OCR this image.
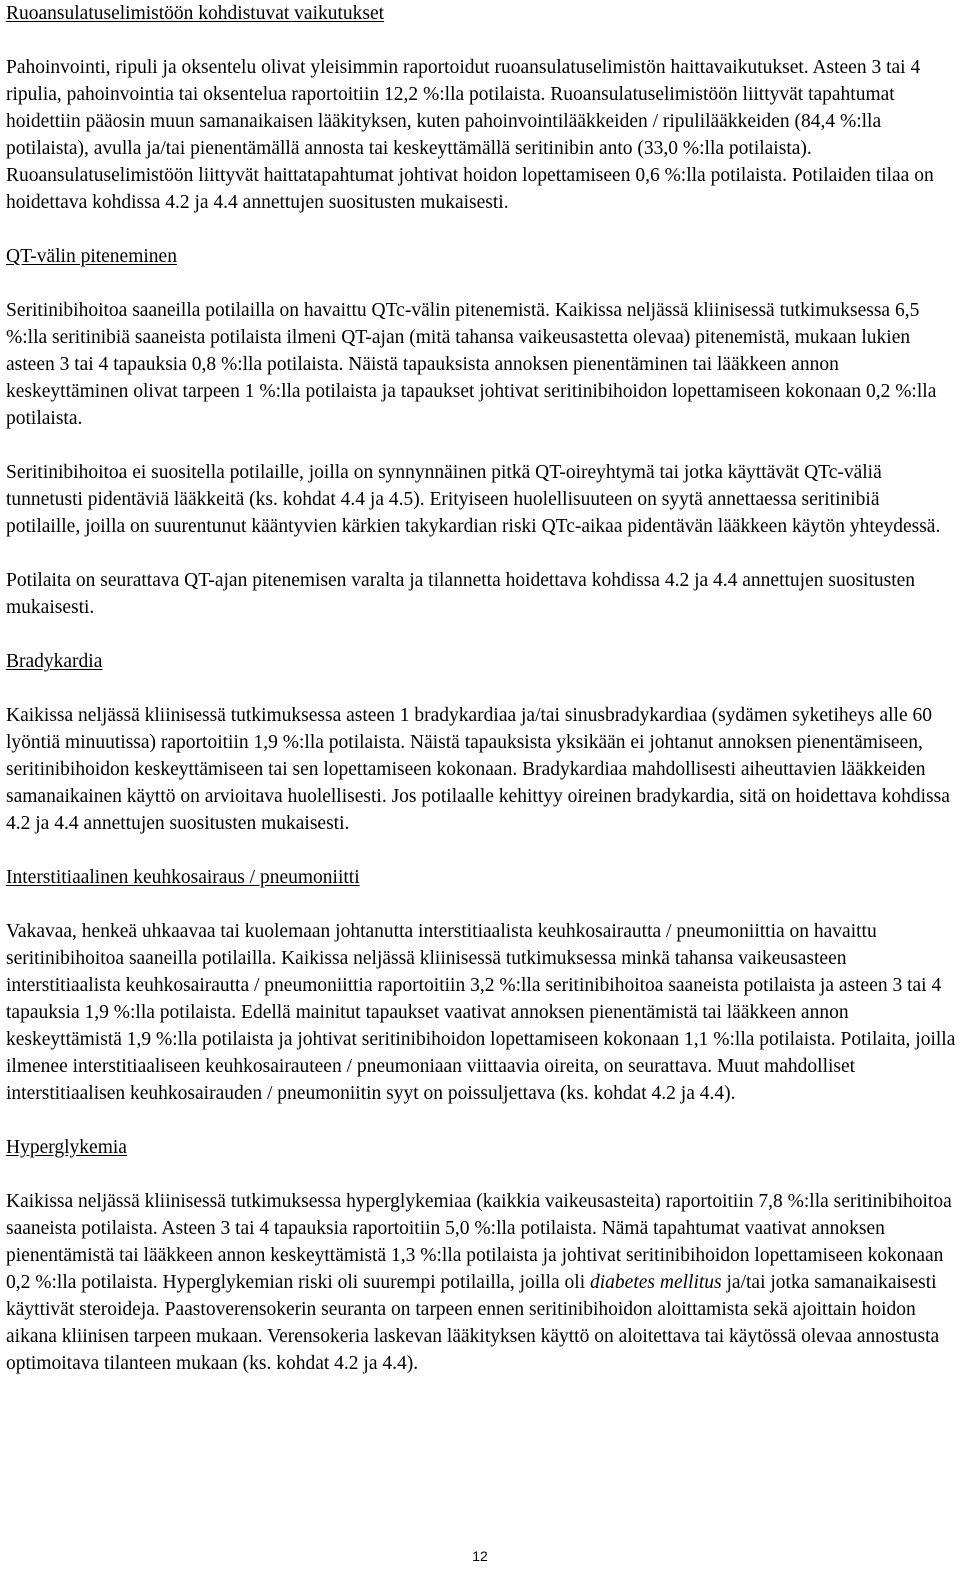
Ruoansulatuselimistöön kohdistuvat vaikutukset

Pahoinvointi, ripuli ja oksentelu olivat yleisimmin raportoidut ruoansulatuselimistön haittavaikutukset. Asteen 3 tai 4 ripulia, pahoinvointia tai oksentelua raportoitiin 12,2 %:lla potilaista. Ruoansulatuselimistöön liittyvät tapahtumat hoidettiin pääosin muun samanaikaisen lääkityksen, kuten pahoinvointilääkkeiden / ripulilääkkeiden (84,4 %:lla potilaista), avulla ja/tai pienentämällä annosta tai keskeyttämällä seritinibin anto (33,0 %:lla potilaista). Ruoansulatuselimistöön liittyvät haittatapahtumat johtivat hoidon lopettamiseen 0,6 %:lla potilaista. Potilaiden tilaa on hoidettava kohdissa 4.2 ja 4.4 annettujen suositusten mukaisesti.

QT-välin piteneminen

Seritinibihoitoa saaneilla potilailla on havaittu QTc-välin pitenemistä. Kaikissa neljässä kliinisessä tutkimuksessa 6,5 %:lla seritinibiä saaneista potilaista ilmeni QT-ajan (mitä tahansa vaikeusastetta olevaa) pitenemistä, mukaan lukien asteen 3 tai 4 tapauksia 0,8 %:lla potilaista. Näistä tapauksista annoksen pienentäminen tai lääkkeen annon keskeyttäminen olivat tarpeen 1 %:lla potilaista ja tapaukset johtivat seritinibihoidon lopettamiseen kokonaan 0,2 %:lla potilaista.

Seritinibihoitoa ei suositella potilaille, joilla on synnynnäinen pitkä QT-oireyhtymä tai jotka käyttävät QTc-väliä tunnetusti pidentäviä lääkkeitä (ks. kohdat 4.4 ja 4.5). Erityiseen huolellisuuteen on syytä annettaessa seritinibiä potilaille, joilla on suurentunut kääntyvien kärkien takykardian riski QTc-aikaa pidentävän lääkkeen käytön yhteydessä.

Potilaita on seurattava QT-ajan pitenemisen varalta ja tilannetta hoidettava kohdissa 4.2 ja 4.4 annettujen suositusten mukaisesti.

Bradykardia

Kaikissa neljässä kliinisessä tutkimuksessa asteen 1 bradykardiaa ja/tai sinusbradykardiaa (sydämen syketiheys alle 60 lyöntiä minuutissa) raportoitiin 1,9 %:lla potilaista. Näistä tapauksista yksikään ei johtanut annoksen pienentämiseen, seritinibihoidon keskeyttämiseen tai sen lopettamiseen kokonaan. Bradykardiaa mahdollisesti aiheuttavien lääkkeiden samanaikainen käyttö on arvioitava huolellisesti. Jos potilaalle kehittyy oireinen bradykardia, sitä on hoidettava kohdissa 4.2 ja 4.4 annettujen suositusten mukaisesti.

Interstitiaalinen keuhkosairaus / pneumoniitti

Vakavaa, henkeä uhkaavaa tai kuolemaan johtanutta interstitiaalista keuhkosairautta / pneumoniittia on havaittu seritinibihoitoa saaneilla potilailla. Kaikissa neljässä kliinisessä tutkimuksessa minkä tahansa vaikeusasteen interstitiaalista keuhkosairautta / pneumoniittia raportoitiin 3,2 %:lla seritinibihoitoa saaneista potilaista ja asteen 3 tai 4 tapauksia 1,9 %:lla potilaista. Edellä mainitut tapaukset vaativat annoksen pienentämistä tai lääkkeen annon keskeyttämistä 1,9 %:lla potilaista ja johtivat seritinibihoidon lopettamiseen kokonaan 1,1 %:lla potilaista. Potilaita, joilla ilmenee interstitiaaliseen keuhkosairauteen / pneumoniaan viittaavia oireita, on seurattava. Muut mahdolliset interstitiaalisen keuhkosairauden / pneumoniitin syyt on poissuljettava (ks. kohdat 4.2 ja 4.4).

Hyperglykemia

Kaikissa neljässä kliinisessä tutkimuksessa hyperglykemiaa (kaikkia vaikeusasteita) raportoitiin 7,8 %:lla seritinibihoitoa saaneista potilaista. Asteen 3 tai 4 tapauksia raportoitiin 5,0 %:lla potilaista. Nämä tapahtumat vaativat annoksen pienentämistä tai lääkkeen annon keskeyttämistä 1,3 %:lla potilaista ja johtivat seritinibihoidon lopettamiseen kokonaan 0,2 %:lla potilaista. Hyperglykemian riski oli suurempi potilailla, joilla oli diabetes mellitus ja/tai jotka samanaikaisesti käyttivät steroideja. Paastoverensokerin seuranta on tarpeen ennen seritinibihoidon aloittamista sekä ajoittain hoidon aikana kliinisen tarpeen mukaan. Verensokeria laskevan lääkityksen käyttö on aloitettava tai käytössä olevaa annostusta optimoitava tilanteen mukaan (ks. kohdat 4.2 ja 4.4).

12
